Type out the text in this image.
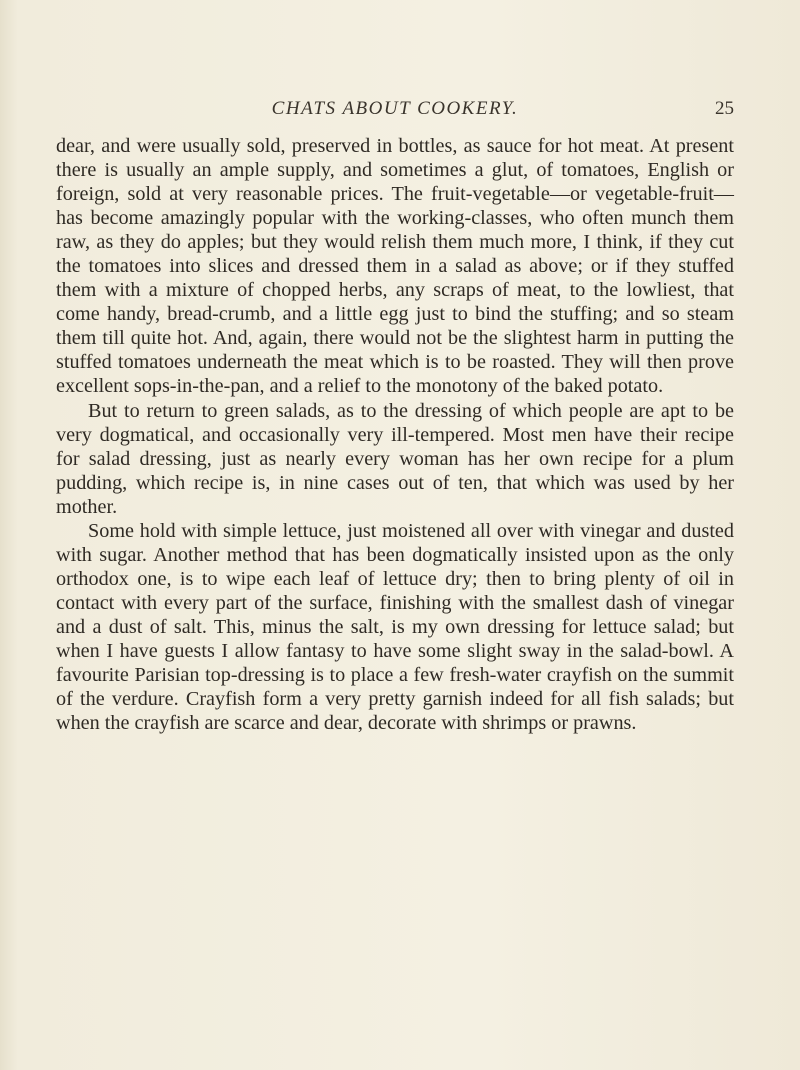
CHATS ABOUT COOKERY.	25

dear, and were usually sold, preserved in bottles, as sauce for hot meat. At present there is usually an ample supply, and sometimes a glut, of tomatoes, English or foreign, sold at very reasonable prices. The fruit-vegetable—or vegetable-fruit—has become amazingly popular with the working-classes, who often munch them raw, as they do apples; but they would relish them much more, I think, if they cut the tomatoes into slices and dressed them in a salad as above; or if they stuffed them with a mixture of chopped herbs, any scraps of meat, to the lowliest, that come handy, bread-crumb, and a little egg just to bind the stuffing; and so steam them till quite hot. And, again, there would not be the slightest harm in putting the stuffed tomatoes underneath the meat which is to be roasted. They will then prove excellent sops-in-the-pan, and a relief to the monotony of the baked potato.

But to return to green salads, as to the dressing of which people are apt to be very dogmatical, and occasionally very ill-tempered. Most men have their recipe for salad dressing, just as nearly every woman has her own recipe for a plum pudding, which recipe is, in nine cases out of ten, that which was used by her mother.

Some hold with simple lettuce, just moistened all over with vinegar and dusted with sugar. Another method that has been dogmatically insisted upon as the only orthodox one, is to wipe each leaf of lettuce dry; then to bring plenty of oil in contact with every part of the surface, finishing with the smallest dash of vinegar and a dust of salt. This, minus the salt, is my own dressing for lettuce salad; but when I have guests I allow fantasy to have some slight sway in the salad-bowl. A favourite Parisian top-dressing is to place a few fresh-water crayfish on the summit of the verdure. Crayfish form a very pretty garnish indeed for all fish salads; but when the crayfish are scarce and dear, decorate with shrimps or prawns.
